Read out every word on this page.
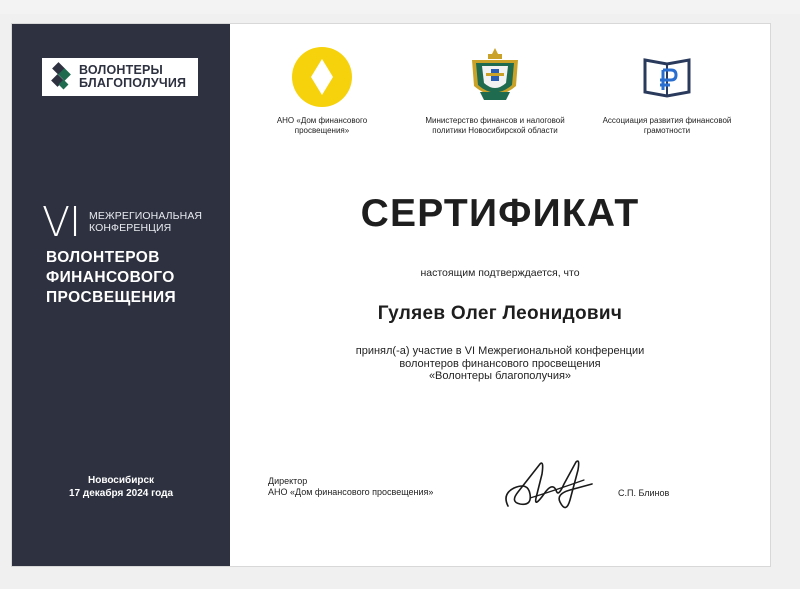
ВОЛОНТЕРЫ
БЛАГОПОЛУЧИЯ
VI МЕЖРЕГИОНАЛЬНАЯ
КОНФЕРЕНЦИЯ
ВОЛОНТЕРОВ
ФИНАНСОВОГО
ПРОСВЕЩЕНИЯ
Новосибирск
17 декабря 2024 года
АНО «Дом финансового
просвещения»
Министерство финансов и налоговой
политики Новосибирской области
Ассоциация развития финансовой
грамотности
СЕРТИФИКАТ
настоящим подтверждается, что
Гуляев Олег Леонидович
принял(-а) участие в VI Межрегиональной конференции
волонтеров финансового просвещения
«Волонтеры благополучия»
Директор
АНО «Дом финансового просвещения»	С.П. Блинов
